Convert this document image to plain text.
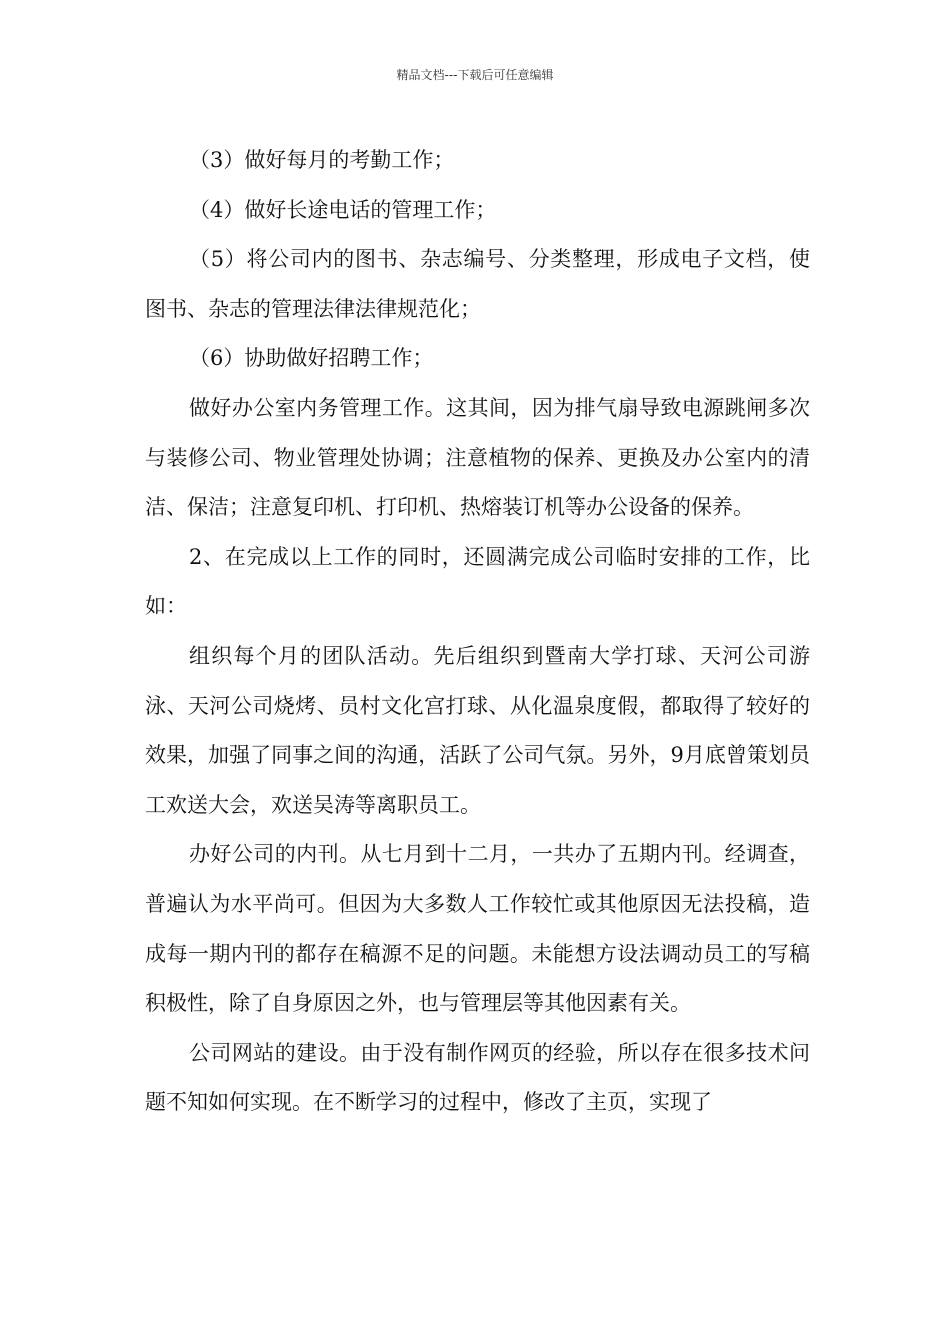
精品文档---下载后可任意编辑

（3）做好每月的考勤工作；

（4）做好长途电话的管理工作；

（5）将公司内的图书、杂志编号、分类整理，形成电子文档，使图书、杂志的管理法律法律规范化；

（6）协助做好招聘工作；

做好办公室内务管理工作。这其间，因为排气扇导致电源跳闸多次与装修公司、物业管理处协调；注意植物的保养、更换及办公室内的清洁、保洁；注意复印机、打印机、热熔装订机等办公设备的保养。

2、在完成以上工作的同时，还圆满完成公司临时安排的工作，比如：

组织每个月的团队活动。先后组织到暨南大学打球、天河公司游泳、天河公司烧烤、员村文化宫打球、从化温泉度假，都取得了较好的效果，加强了同事之间的沟通，活跃了公司气氛。另外，9月底曾策划员工欢送大会，欢送吴涛等离职员工。

办好公司的内刊。从七月到十二月，一共办了五期内刊。经调查，普遍认为水平尚可。但因为大多数人工作较忙或其他原因无法投稿，造成每一期内刊的都存在稿源不足的问题。未能想方设法调动员工的写稿积极性，除了自身原因之外，也与管理层等其他因素有关。

公司网站的建设。由于没有制作网页的经验，所以存在很多技术问题不知如何实现。在不断学习的过程中，修改了主页，实现了
